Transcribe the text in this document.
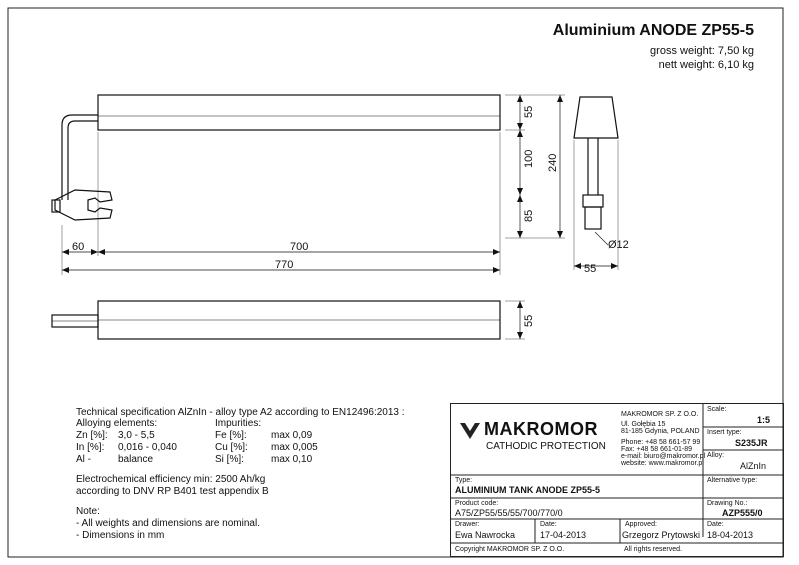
55
100
85
240
60	700
770
Ø12
55
55
Aluminium ANODE ZP55-5
gross weight: 7,50 kg
nett weight: 6,10 kg
Technical specification AlZnIn - alloy type A2 according to EN12496:2013 :
Alloying elements:	Impurities:
Zn [%]: 3,0 - 5,5	Fe [%]: max 0,09
In [%]: 0,016 - 0,040	Cu [%]: max 0,005
Al -	balance	Si [%]:	max 0,10
Electrochemical efficiency min: 2500 Ah/kg
according to DNV RP B401 test appendix B
Note:
- All weights and dimensions are nominal.
- Dimensions in mm
MAKROMOR
CATHODIC PROTECTION
MAKROMOR SP. Z O.O.
Ul. Gołębia 15
81-185 Gdynia, POLAND
Phone: +48 58 661-57 99
Fax: +48 58 661-01-89
e-mail: biuro@makromor.pl
website: www.makromor.pl
Scale:
1:5
Insert type:
S235JR
Alloy:
AlZnIn
Type:
ALUMINIUM TANK ANODE ZP55-5
Alternative type:
Product code:
A75/ZP55/55/55/700/770/0
Drawing No.:
AZP555/0
Drawer:
Ewa Nawrocka
Date:
17-04-2013
Approved:
Grzegorz Prytowski
Date:
18-04-2013
Copyright MAKROMOR SP. Z O.O.	All rights reserved.
